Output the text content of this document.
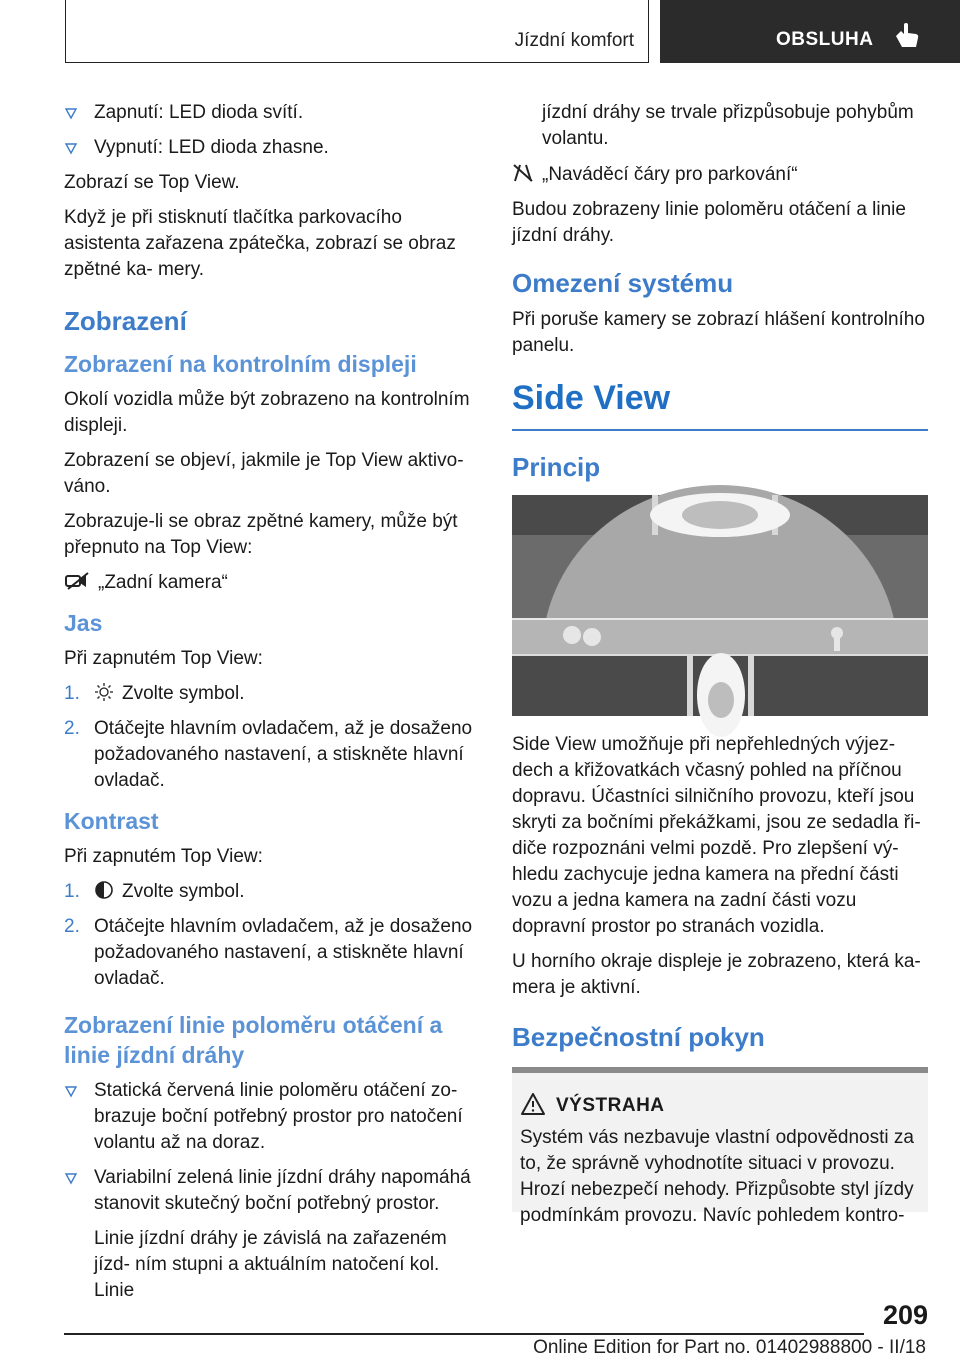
Jízdní komfort	OBSLUHA
Zapnutí: LED dioda svítí.
Vypnutí: LED dioda zhasne.

Zobrazí se Top View.

Když je při stisknutí tlačítka parkovacího asistenta zařazena zpátečka, zobrazí se obraz zpětné ka‐ mery.

Zobrazení
Zobrazení na kontrolním displeji

Okolí vozidla může být zobrazeno na kontrolním displeji.

Zobrazení se objeví, jakmile je Top View aktivo‐ váno.

Zobrazuje-li se obraz zpětné kamery, může být přepnuto na Top View:

„Zadní kamera“

Jas

Při zapnutém Top View:

1. Zvolte symbol.
2. Otáčejte hlavním ovladačem, až je dosaženo požadovaného nastavení, a stiskněte hlavní ovladač.
Kontrast

Při zapnutém Top View:

1. Zvolte symbol.
2. Otáčejte hlavním ovladačem, až je dosaženo požadovaného nastavení, a stiskněte hlavní ovladač.
Zobrazení linie poloměru otáčení a linie jízdní dráhy
Statická červená linie poloměru otáčení zo‐ brazuje boční potřebný prostor pro natočení volantu až na doraz.
Variabilní zelená linie jízdní dráhy napomáhá stanovit skutečný boční potřebný prostor.

Linie jízdní dráhy je závislá na zařazeném jízd‐ ním stupni a aktuálním natočení kol. Linie

jízdní dráhy se trvale přizpůsobuje pohybům volantu.

„Naváděcí čáry pro parkování“

Budou zobrazeny linie poloměru otáčení a linie jízdní dráhy.

Omezení systému

Při poruše kamery se zobrazí hlášení kontrolního panelu.

Side View
Princip

Side View umožňuje při nepřehledných výjez‐ dech a křižovatkách včasný pohled na příčnou dopravu. Účastníci silničního provozu, kteří jsou skryti za bočními překážkami, jsou ze sedadla ři‐ diče rozpoznáni velmi pozdě. Pro zlepšení vý‐ hledu zachycuje jedna kamera na přední části vozu a jedna kamera na zadní části vozu dopravní prostor po stranách vozidla.

U horního okraje displeje je zobrazeno, která ka‐ mera je aktivní.

Bezpečnostní pokyn
VÝSTRAHA

Systém vás nezbavuje vlastní odpovědnosti za to, že správně vyhodnotíte situaci v provozu. Hrozí nebezpečí nehody. Přizpůsobte styl jízdy podmínkám provozu. Navíc pohledem kontro‐

209
Online Edition for Part no. 01402988800 - II/18
